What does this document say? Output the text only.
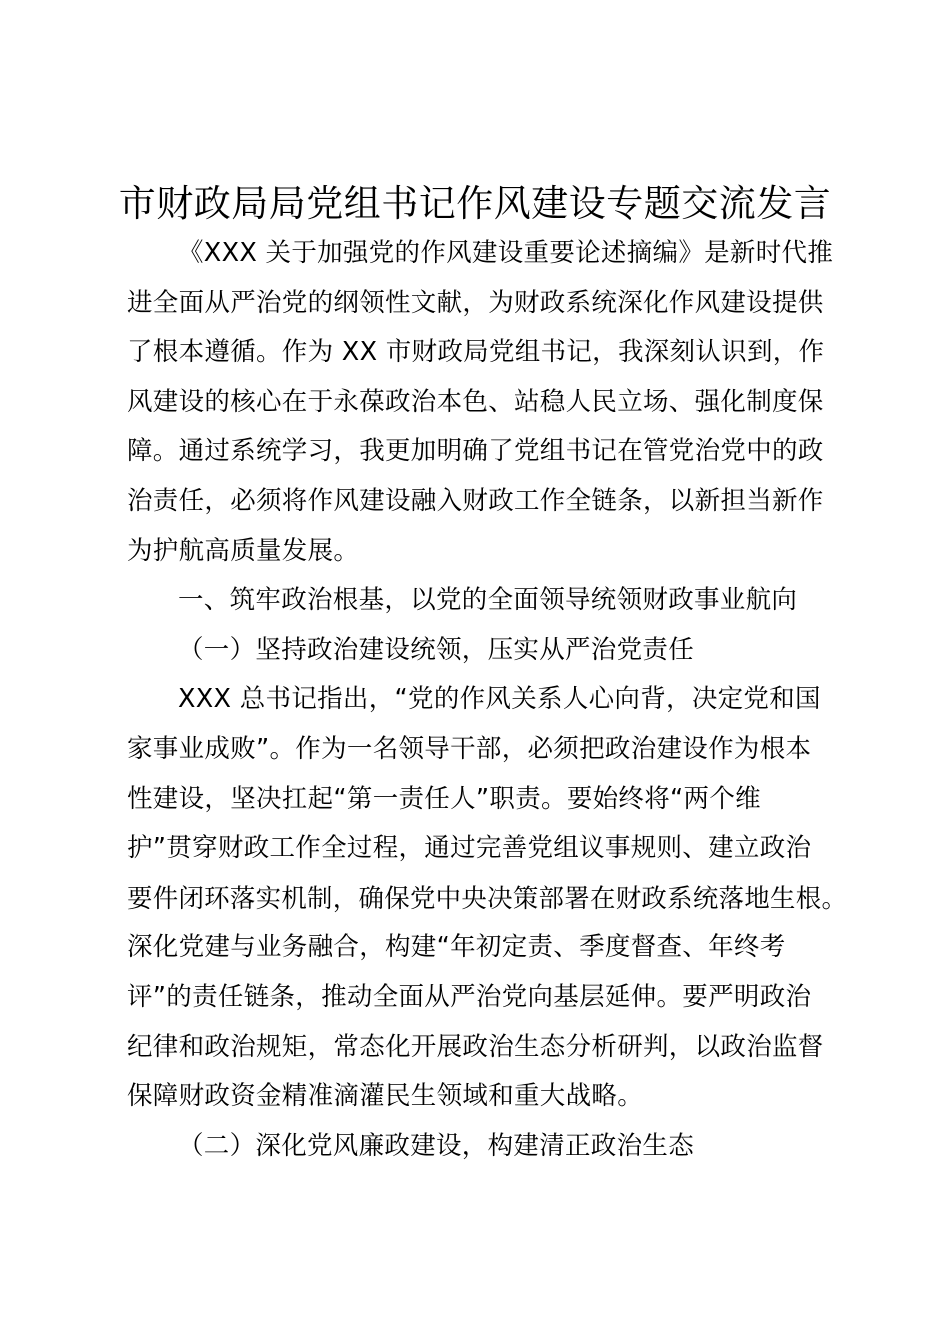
市财政局局党组书记作风建设专题交流发言
《XXX 关于加强党的作风建设重要论述摘编》是新时代推
进全面从严治党的纲领性文献，为财政系统深化作风建设提供
了根本遵循。作为 XX 市财政局党组书记，我深刻认识到，作
风建设的核心在于永葆政治本色、站稳人民立场、强化制度保
障。通过系统学习，我更加明确了党组书记在管党治党中的政
治责任，必须将作风建设融入财政工作全链条，以新担当新作
为护航高质量发展。
一、筑牢政治根基，以党的全面领导统领财政事业航向
（一）坚持政治建设统领，压实从严治党责任
XXX 总书记指出，“党的作风关系人心向背，决定党和国
家事业成败”。作为一名领导干部，必须把政治建设作为根本
性建设，坚决扛起“第一责任人”职责。要始终将“两个维
护”贯穿财政工作全过程，通过完善党组议事规则、建立政治
要件闭环落实机制，确保党中央决策部署在财政系统落地生根。
深化党建与业务融合，构建“年初定责、季度督查、年终考
评”的责任链条，推动全面从严治党向基层延伸。要严明政治
纪律和政治规矩，常态化开展政治生态分析研判，以政治监督
保障财政资金精准滴灌民生领域和重大战略。
（二）深化党风廉政建设，构建清正政治生态
